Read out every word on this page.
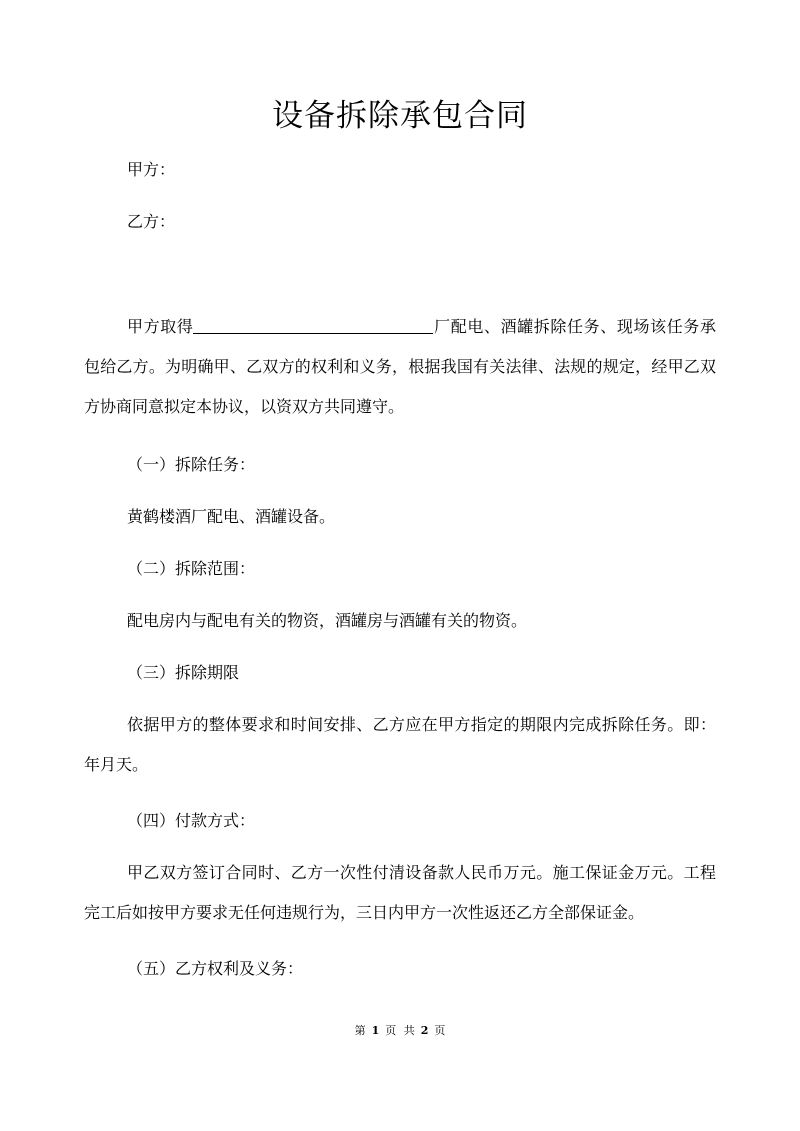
设备拆除承包合同
甲方：
乙方：
甲方取得	厂配电、酒罐拆除任务、现场该任务承包给乙方。为明确甲、乙双方的权利和义务，根据我国有关法律、法规的规定，经甲乙双方协商同意拟定本协议，以资双方共同遵守。
（一）拆除任务：
黄鹤楼酒厂配电、酒罐设备。
（二）拆除范围：
配电房内与配电有关的物资，酒罐房与酒罐有关的物资。
（三）拆除期限
依据甲方的整体要求和时间安排、乙方应在甲方指定的期限内完成拆除任务。即：年月天。
（四）付款方式：
甲乙双方签订合同时、乙方一次性付清设备款人民币万元。施工保证金万元。工程完工后如按甲方要求无任何违规行为，三日内甲方一次性返还乙方全部保证金。
（五）乙方权利及义务：
第 1 页 共 2 页
